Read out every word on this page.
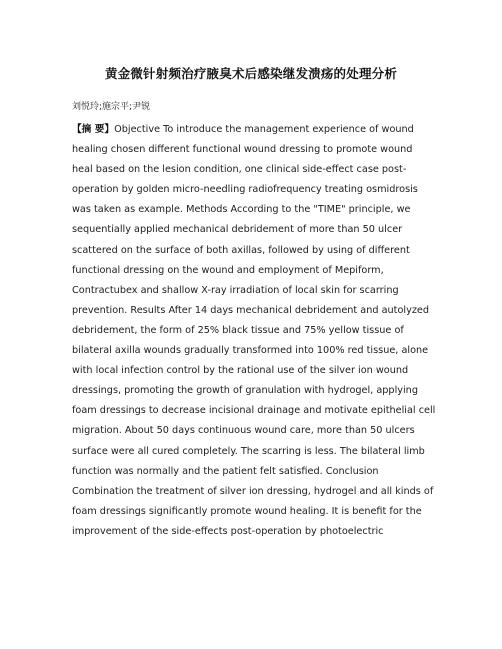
黄金微针射频治疗腋臭术后感染继发溃疡的处理分析
刘悦玲;施宗平;尹锐
【摘 要】Objective To introduce the management experience of wound
healing chosen different functional wound dressing to promote wound
heal based on the lesion condition, one clinical side-effect case post-
operation by golden micro-needling radiofrequency treating osmidrosis
was taken as example. Methods According to the "TIME" principle, we
sequentially applied mechanical debridement of more than 50 ulcer
scattered on the surface of both axillas, followed by using of different
functional dressing on the wound and employment of Mepiform,
Contractubex and shallow X-ray irradiation of local skin for scarring
prevention. Results After 14 days mechanical debridement and autolyzed
debridement, the form of 25% black tissue and 75% yellow tissue of
bilateral axilla wounds gradually transformed into 100% red tissue, alone
with local infection control by the rational use of the silver ion wound
dressings, promoting the growth of granulation with hydrogel, applying
foam dressings to decrease incisional drainage and motivate epithelial cell
migration. About 50 days continuous wound care, more than 50 ulcers
surface were all cured completely. The scarring is less. The bilateral limb
function was normally and the patient felt satisfied. Conclusion
Combination the treatment of silver ion dressing, hydrogel and all kinds of
foam dressings significantly promote wound healing. It is benefit for the
improvement of the side-effects post-operation by photoelectric
